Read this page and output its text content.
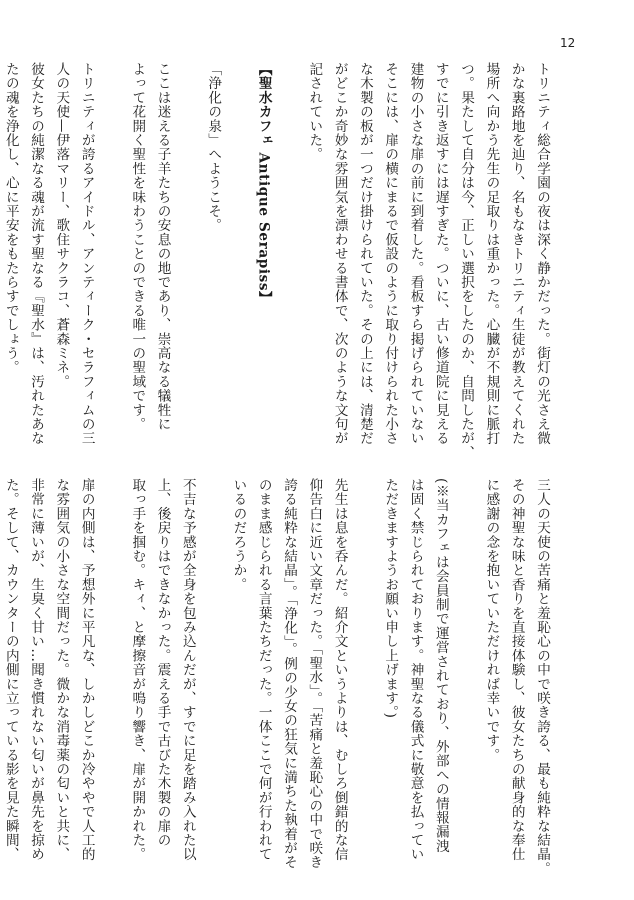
12

トリニティ総合学園の夜は深く静かだった。街灯の光さえ微

かな裏路地を辿り、名もなきトリニティ生徒が教えてくれた

場所へ向かう先生の足取りは重かった。心臓が不規則に脈打

つ。果たして自分は今、正しい選択をしたのか、自問したが、

すでに引き返すには遅すぎた。ついに、古い修道院に見える

建物の小さな扉の前に到着した。看板すら掲げられていない

そこには、扉の横にまるで仮設のように取り付けられた小さ

な木製の板が一つだけ掛けられていた。その上には、清楚だ

がどこか奇妙な雰囲気を漂わせる書体で、次のような文句が

記されていた。

【聖水カフェ Antique Serapiss】

「浄化の泉」へようこそ。

ここは迷える子羊たちの安息の地であり、崇高なる犠牲に

よって花開く聖性を味わうことのできる唯一の聖域です。

トリニティが誇るアイドル、アンティーク・セラフィムの三

人の天使—伊落マリー、歌住サクラコ、蒼森ミネ。

彼女たちの純潔なる魂が流す聖なる『聖水』は、汚れたあな

たの魂を浄化し、心に平安をもたらすでしょう。

三人の天使の苦痛と羞恥心の中で咲き誇る、最も純粋な結晶。

その神聖な味と香りを直接体験し、彼女たちの献身的な奉仕

に感謝の念を抱いていただければ幸いです。

(※当カフェは会員制で運営されており、外部への情報漏洩

は固く禁じられております。神聖なる儀式に敬意を払ってい

ただきますようお願い申し上げます。)

先生は息を呑んだ。紹介文というよりは、むしろ倒錯的な信

仰告白に近い文章だった。「聖水」。「苦痛と羞恥心の中で咲き

誇る純粋な結晶」。「浄化」。例の少女の狂気に満ちた執着がそ

のまま感じられる言葉たちだった。一体ここで何が行われて

いるのだろうか。

不吉な予感が全身を包み込んだが、すでに足を踏み入れた以

上、後戻りはできなかった。震える手で古びた木製の扉の

取っ手を掴む。キィ、と摩擦音が鳴り響き、扉が開かれた。

扉の内側は、予想外に平凡な、しかしどこか冷ややで人工的

な雰囲気の小さな空間だった。微かな消毒薬の匂いと共に、

非常に薄いが、生臭く甘い…聞き慣れない匂いが鼻先を掠め

た。そして、カウンターの内側に立っている影を見た瞬間、
